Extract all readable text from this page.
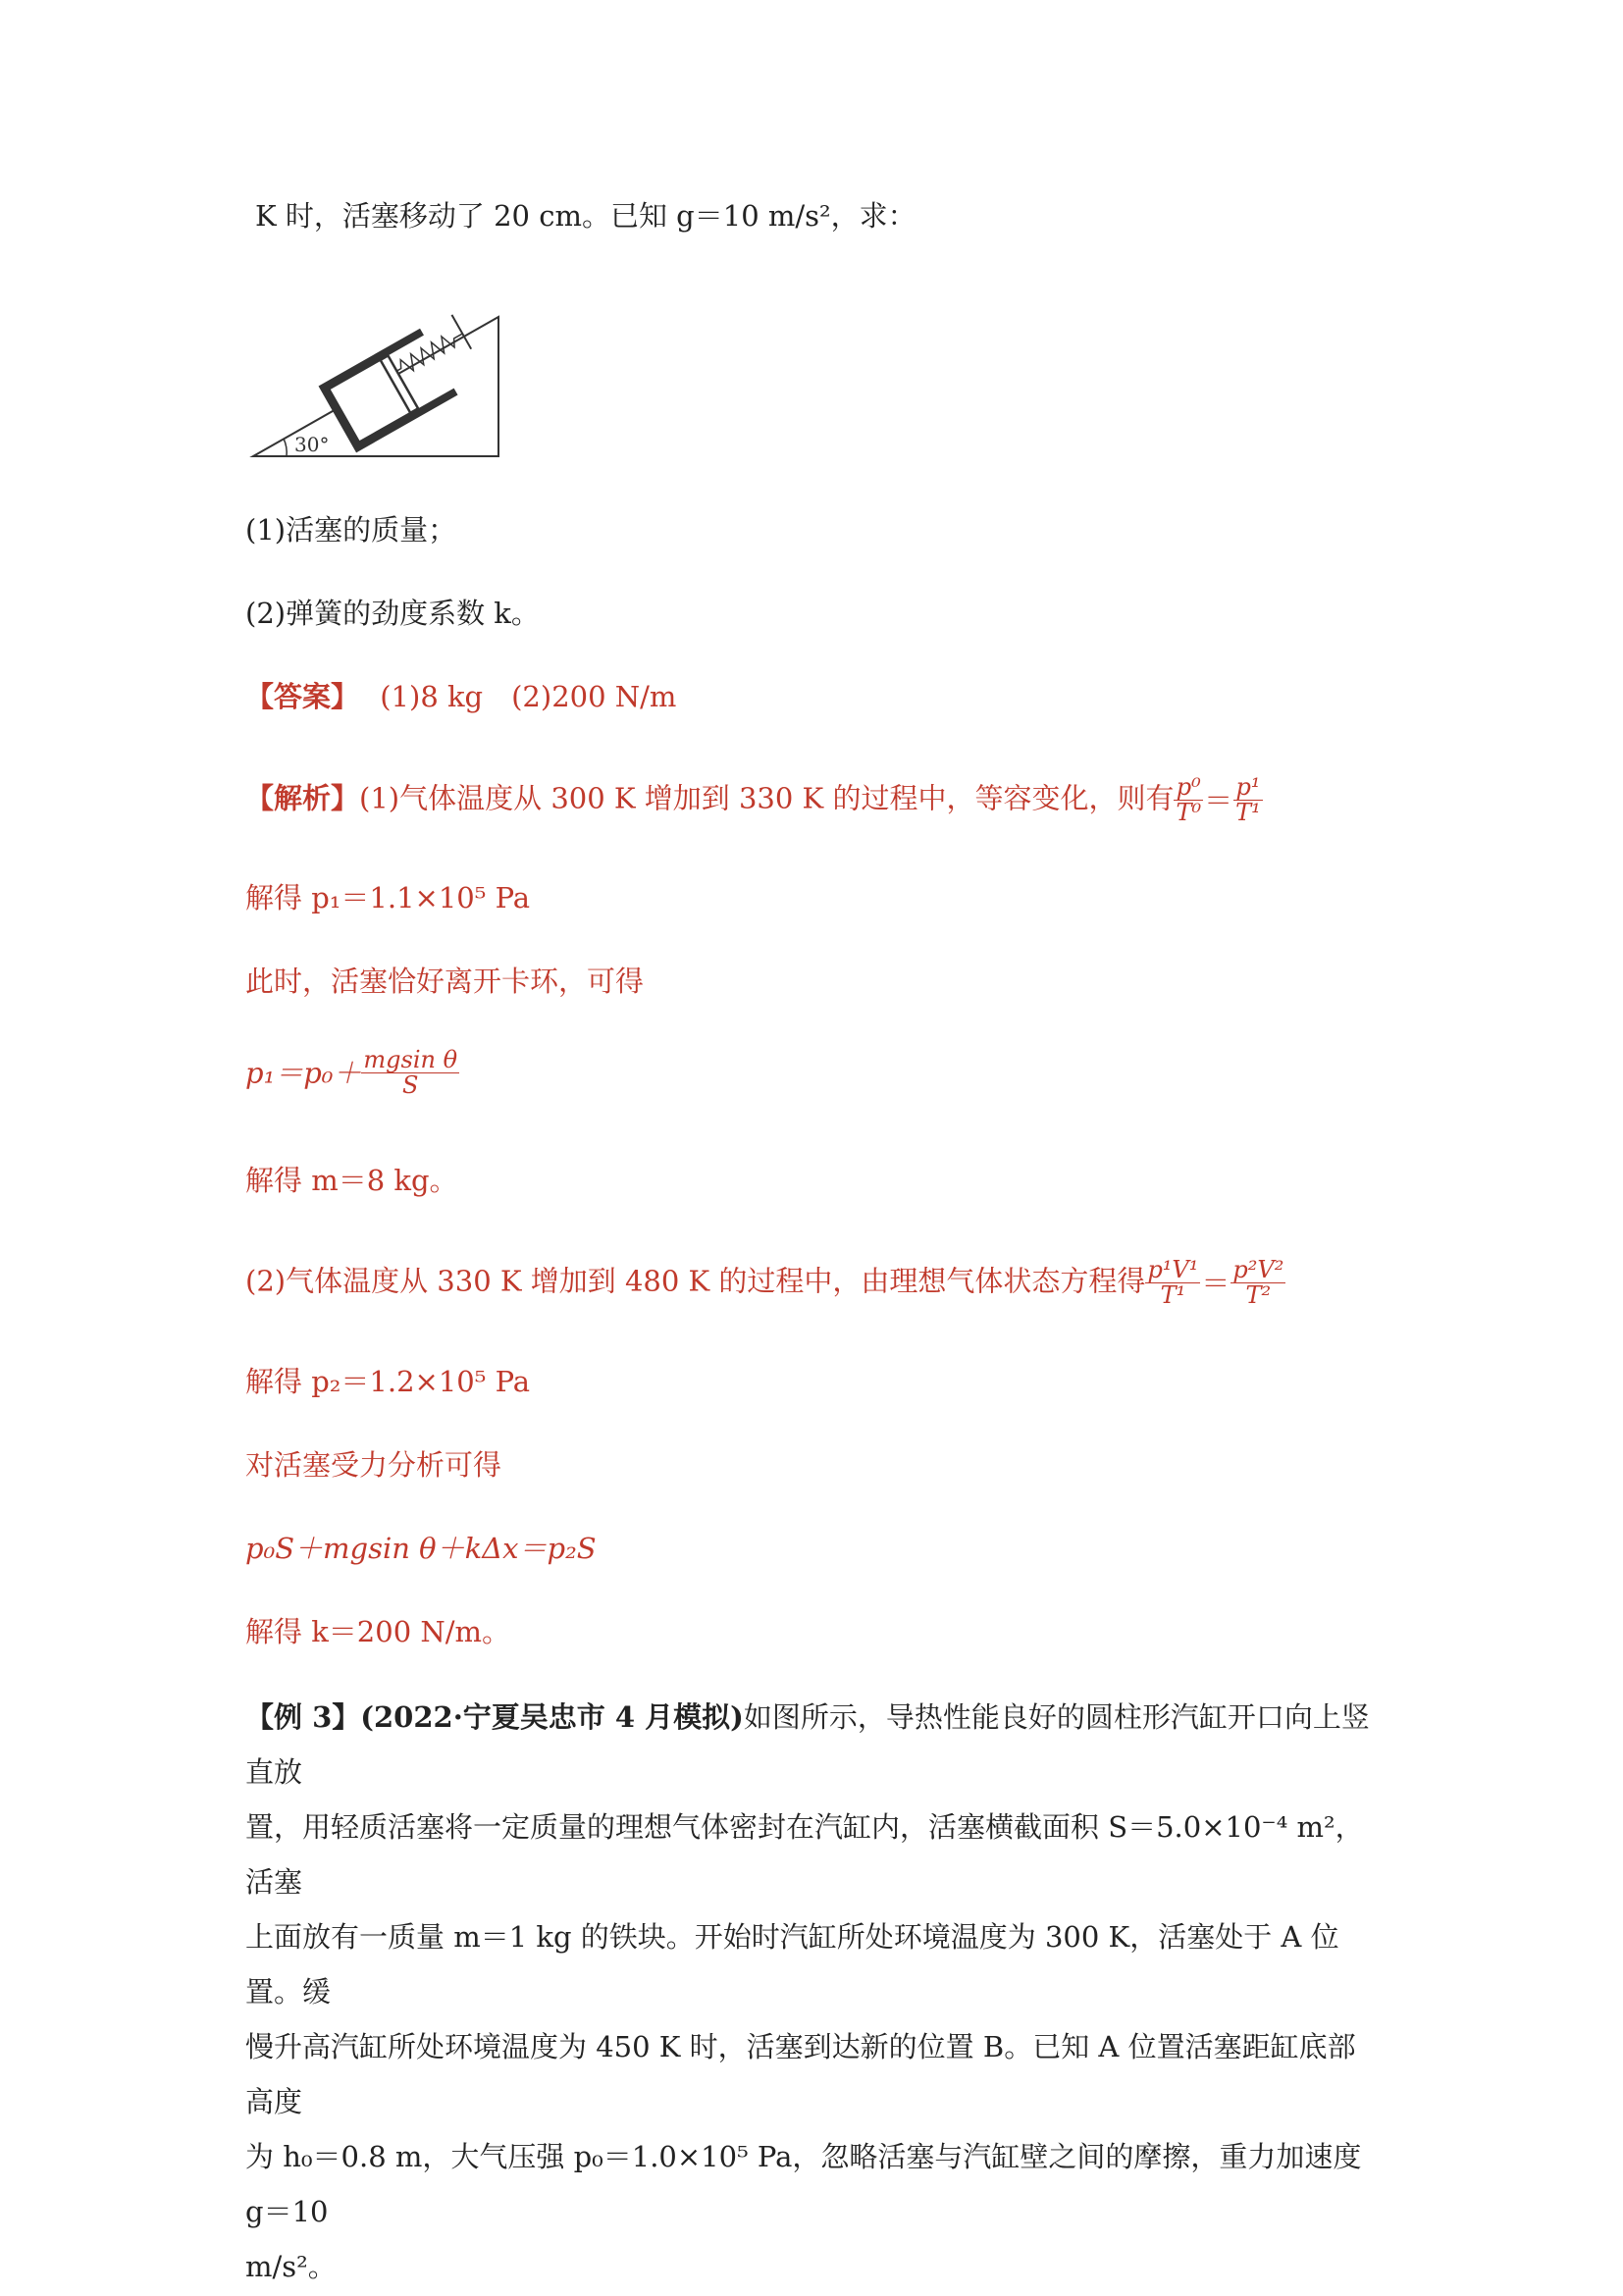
K 时，活塞移动了 20 cm。已知 g＝10 m/s²，求：
30°
(1)活塞的质量；
(2)弹簧的劲度系数 k。
【答案】 (1)8 kg　(2)200 N/m
【解析】(1)气体温度从 300 K 增加到 330 K 的过程中，等容变化，则有 $\frac{\text{p⁰}}{\text{T⁰}} = \frac{\text{p¹}}{\text{T¹}}$
解得 p₁＝1.1×10⁵ Pa
此时，活塞恰好离开卡环，可得
$p_1=p_0+ \frac{\text{mgsin θ}}{S}$
解得 m＝8 kg。
(2)气体温度从 330 K 增加到 480 K 的过程中，由理想气体状态方程得 $\frac{\text{p¹V¹}}{\text{T¹}} = \frac{\text{p²V²}}{\text{T²}}$
解得 p₂＝1.2×10⁵ Pa
对活塞受力分析可得
p₀S＋mgsin θ＋kΔx＝p₂S
解得 k＝200 N/m。
【例 3】(2022·宁夏吴忠市 4 月模拟)如图所示，导热性能良好的圆柱形汽缸开口向上竖直放
置，用轻质活塞将一定质量的理想气体密封在汽缸内，活塞横截面积 S＝5.0×10⁻⁴ m²，活塞
上面放有一质量 m＝1 kg 的铁块。开始时汽缸所处环境温度为 300 K，活塞处于 A 位置。缓
慢升高汽缸所处环境温度为 450 K 时，活塞到达新的位置 B。已知 A 位置活塞距缸底部高度
为 h₀＝0.8 m，大气压强 p₀＝1.0×10⁵ Pa，忽略活塞与汽缸壁之间的摩擦，重力加速度 g＝10
m/s²。
